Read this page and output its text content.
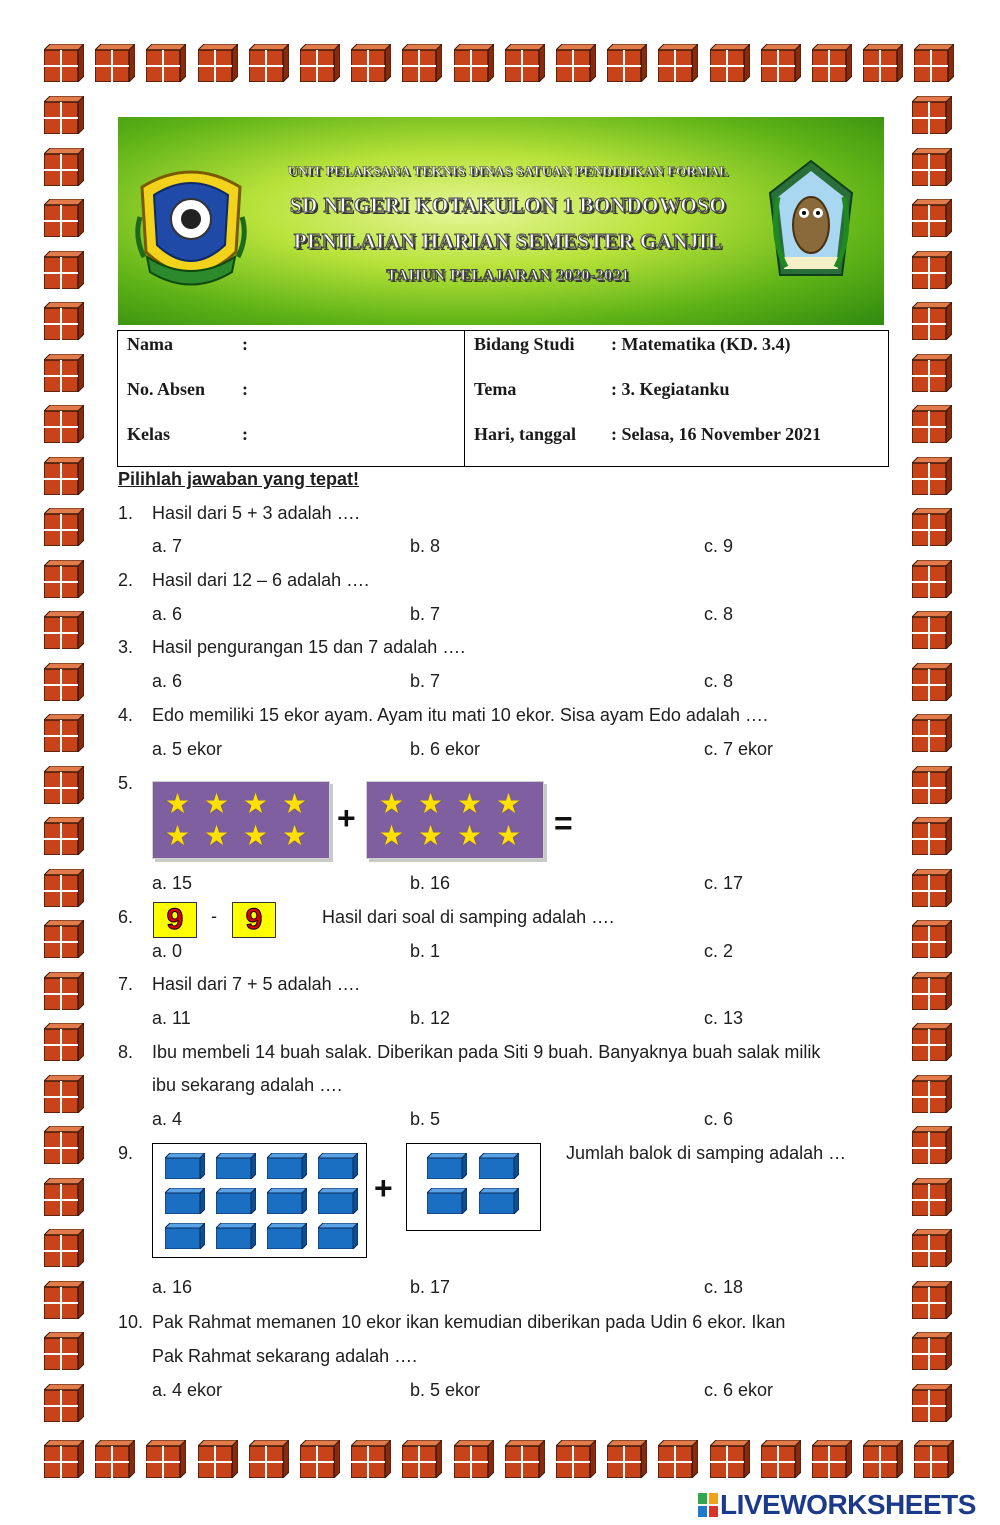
UNIT PELAKSANA TEKNIS DINAS SATUAN PENDIDIKAN FORMAL
SD NEGERI KOTAKULON 1 BONDOWOSO
PENILAIAN HARIAN SEMESTER GANJIL
TAHUN PELAJARAN 2020-2021
Nama	:
No. Absen :
Kelas	:
Bidang Studi : Matematika (KD. 3.4)
Tema	: 3. Kegiatanku
Hari, tanggal : Selasa, 16 November 2021
Pilihlah jawaban yang tepat!
1. Hasil dari 5 + 3 adalah ….
a. 7	b. 8	c. 9
2. Hasil dari 12 – 6 adalah ….
a. 6	b. 7	c. 8
3. Hasil pengurangan 15 dan 7 adalah ….
a. 6	b. 7	c. 8
4. Edo memiliki 15 ekor ayam. Ayam itu mati 10 ekor. Sisa ayam Edo adalah ….
a. 5 ekor	b. 6 ekor	c. 7 ekor
5.
★ ★ ★ ★
★ ★ ★ ★ + ★ ★ ★ ★
★ ★ ★ ★ =
a. 15	b. 16	c. 17
6.	9	- 9	Hasil dari soal di samping adalah ….
a. 0	b. 1	c. 2
7. Hasil dari 7 + 5 adalah ….
a. 11	b. 12	c. 13
8. Ibu membeli 14 buah salak. Diberikan pada Siti 9 buah. Banyaknya buah salak milik
ibu sekarang adalah ….
a. 4	b. 5	c. 6
9.
+
Jumlah balok di samping adalah …
a. 16	b. 17	c. 18
10. Pak Rahmat memanen 10 ekor ikan kemudian diberikan pada Udin 6 ekor. Ikan
Pak Rahmat sekarang adalah ….
a. 4 ekor	b. 5 ekor	c. 6 ekor
LIVEWORKSHEETS
